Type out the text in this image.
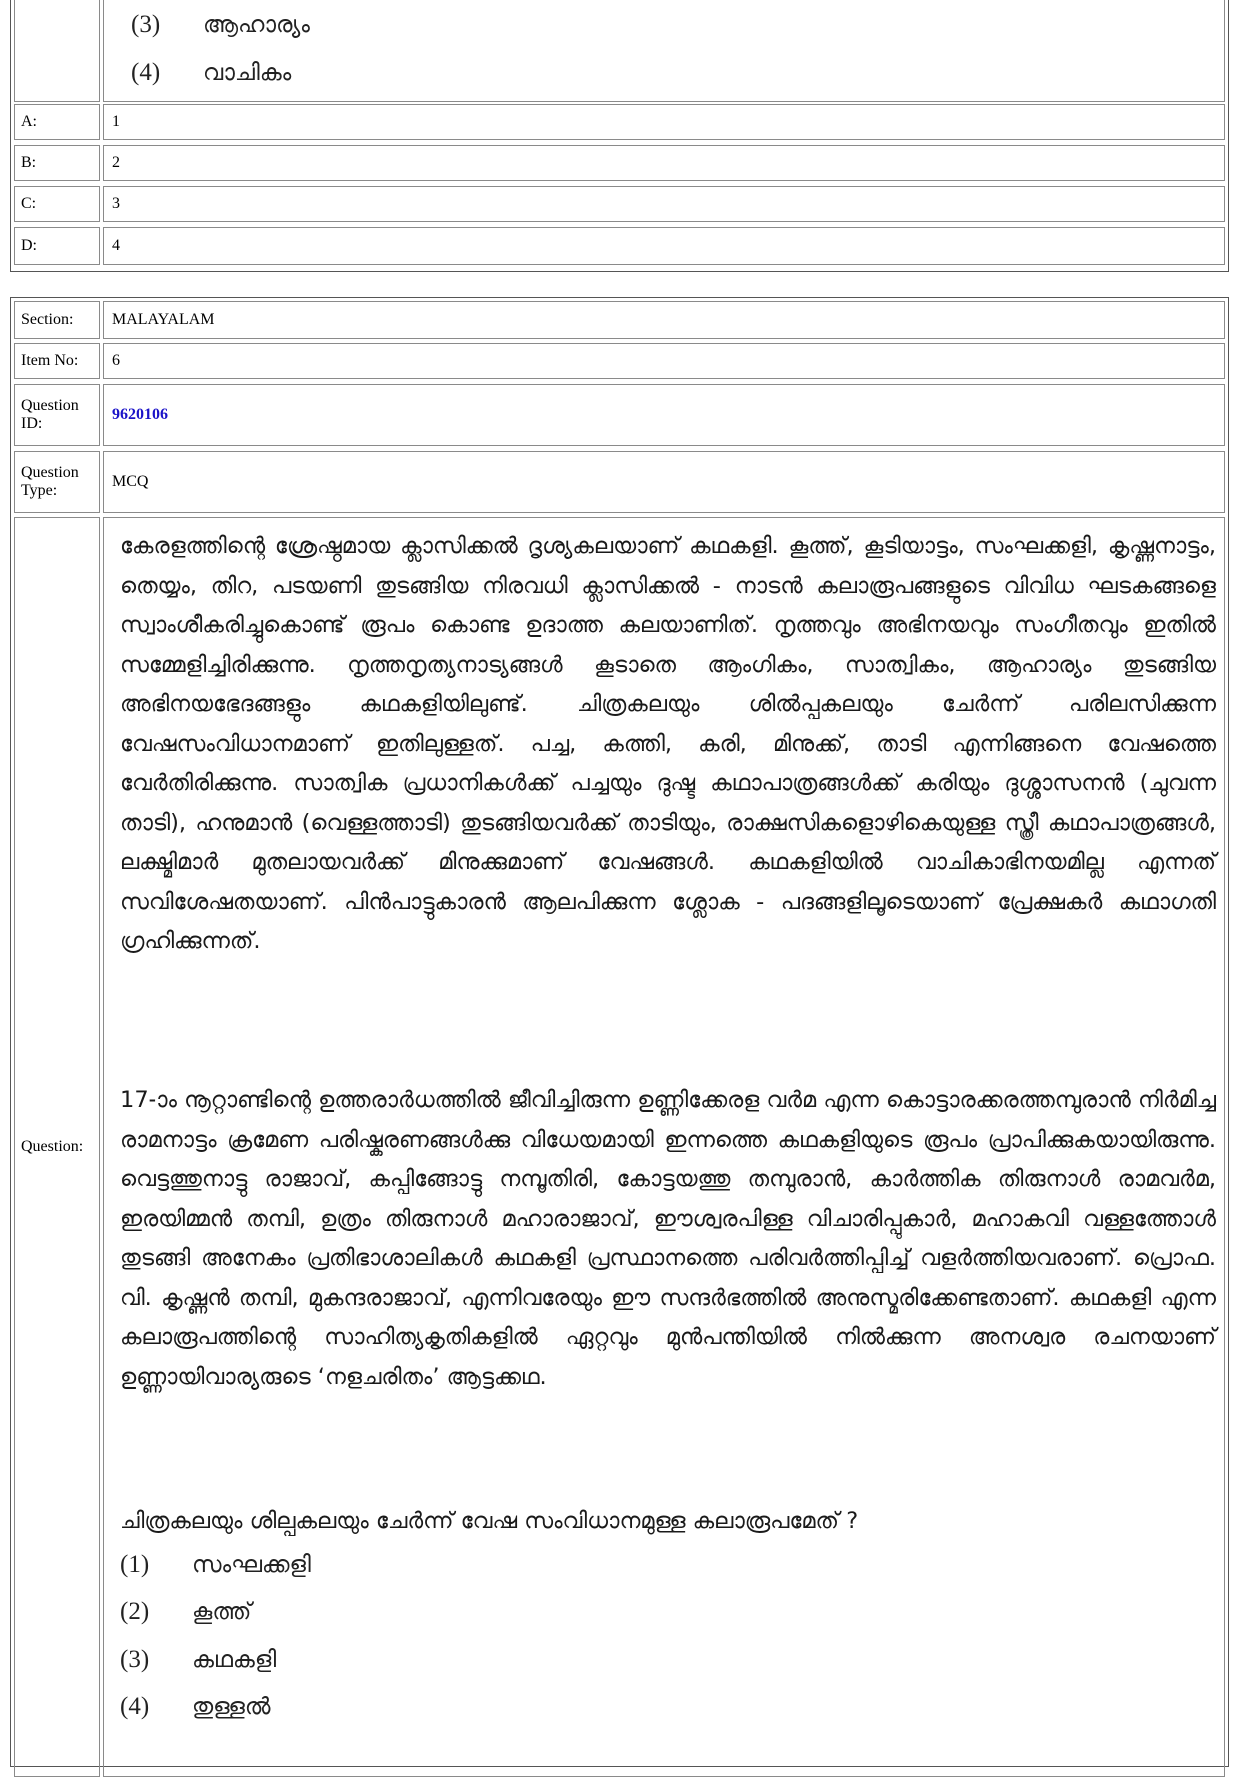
(3)	ആഹാര്യം
(4)	വാചികം
A:	1
B:	2
C:	3
D:	4
Section:	MALAYALAM
Item No:	6
Question ID:
9620106
Question Type:
MCQ
Question:

കേരളത്തിന്റെ ശ്രേഷ്ഠമായ ക്ലാസിക്കൽ ദൃശ്യകലയാണ് കഥകളി. കൂത്ത്, കൂടിയാട്ടം, സംഘക്കളി, കൃഷ്ണനാട്ടം, തെയ്യം, തിറ, പടയണി തുടങ്ങിയ നിരവധി ക്ലാസിക്കൽ - നാടൻ കലാരൂപങ്ങളുടെ വിവിധ ഘടകങ്ങളെ സ്വാംശീകരിച്ചുകൊണ്ട് രൂപം കൊണ്ട ഉദാത്ത കലയാണിത്. നൃത്തവും അഭിനയവും സംഗീതവും ഇതിൽ സമ്മേളിച്ചിരിക്കുന്നു. നൃത്തനൃത്യനാട്യങ്ങൾ കൂടാതെ ആംഗികം, സാത്വികം, ആഹാര്യം തുടങ്ങിയ അഭിനയഭേദങ്ങളും കഥകളിയിലുണ്ട്. ചിത്രകലയും ശിൽപ്പകലയും ചേർന്ന് പരിലസിക്കുന്ന വേഷസംവിധാനമാണ് ഇതിലുള്ളത്. പച്ച, കത്തി, കരി, മിനുക്ക്, താടി എന്നിങ്ങനെ വേഷത്തെ വേർതിരിക്കുന്നു. സാത്വിക പ്രധാനികൾക്ക് പച്ചയും ദുഷ്ട കഥാപാത്രങ്ങൾക്ക് കരിയും ദുശ്ശാസനൻ (ചുവന്ന താടി), ഹനുമാൻ (വെള്ളത്താടി) തുടങ്ങിയവർക്ക് താടിയും, രാക്ഷസികളൊഴികെയുള്ള സ്ത്രീ കഥാപാത്രങ്ങൾ, ലക്ഷ്മിമാർ മുതലായവർക്ക് മിനുക്കുമാണ് വേഷങ്ങൾ. കഥകളിയിൽ വാചികാഭിനയമില്ല എന്നത് സവിശേഷതയാണ്. പിൻപാട്ടുകാരൻ ആലപിക്കുന്ന ശ്ലോക - പദങ്ങളിലൂടെയാണ് പ്രേക്ഷകർ കഥാഗതി ഗ്രഹിക്കുന്നത്.

17-ാം നൂറ്റാണ്ടിന്റെ ഉത്തരാർധത്തിൽ ജീവിച്ചിരുന്ന ഉണ്ണിക്കേരള വർമ എന്ന കൊട്ടാരക്കരത്തമ്പുരാൻ നിർമിച്ച രാമനാട്ടം ക്രമേണ പരിഷ്കരണങ്ങൾക്കു വിധേയമായി ഇന്നത്തെ കഥകളിയുടെ രൂപം പ്രാപിക്കുകയായിരുന്നു. വെട്ടത്തുനാട്ടു രാജാവ്, കപ്പിങ്ങോട്ടു നമ്പൂതിരി, കോട്ടയത്തു തമ്പുരാൻ, കാർത്തിക തിരുനാൾ രാമവർമ, ഇരയിമ്മൻ തമ്പി, ഉത്രം തിരുനാൾ മഹാരാജാവ്, ഈശ്വരപിള്ള വിചാരിപ്പുകാർ, മഹാകവി വള്ളത്തോൾ തുടങ്ങി അനേകം പ്രതിഭാശാലികൾ കഥകളി പ്രസ്ഥാനത്തെ പരിവർത്തിപ്പിച്ച് വളർത്തിയവരാണ്. പ്രൊഫ. വി. കൃഷ്ണൻ തമ്പി, മുകന്ദരാജാവ്, എന്നിവരേയും ഈ സന്ദർഭത്തിൽ അനുസ്മരിക്കേണ്ടതാണ്. കഥകളി എന്ന കലാരൂപത്തിന്റെ സാഹിത്യകൃതികളിൽ ഏറ്റവും മുൻപന്തിയിൽ നിൽക്കുന്ന അനശ്വര രചനയാണ് ഉണ്ണായിവാര്യരുടെ ‘നളചരിതം’ ആട്ടക്കഥ.

ചിത്രകലയും ശില്പകലയും ചേർന്ന് വേഷ സംവിധാനമുള്ള കലാരൂപമേത് ?
(1)	സംഘക്കളി
(2)	കൂത്ത്
(3)	കഥകളി
(4)	തുള്ളൽ
